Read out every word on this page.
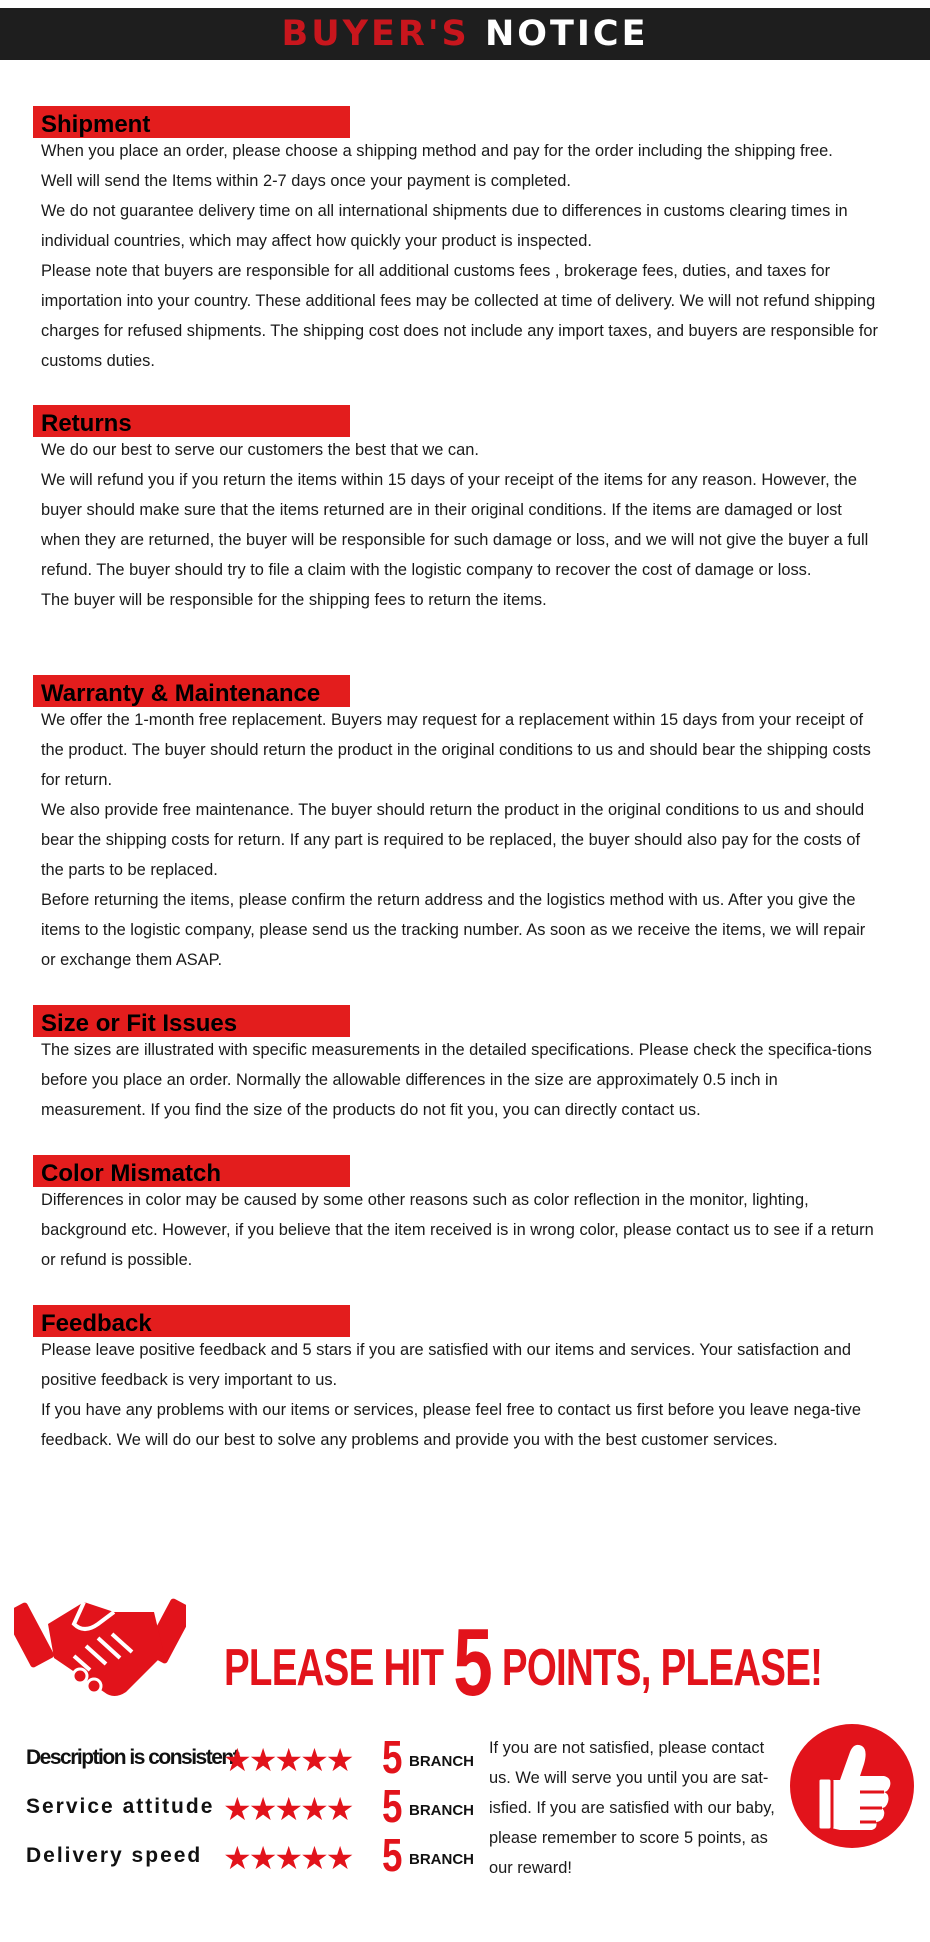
BUYER'S NOTICE
Shipment

When you place an order, please choose a shipping method and pay for the order including the shipping free.

Well will send the Items within 2-7 days once your payment is completed.

We do not guarantee delivery time on all international shipments due to differences in customs clearing times in individual countries, which may affect how quickly your product is inspected.

Please note that buyers are responsible for all additional customs fees , brokerage fees, duties, and taxes for importation into your country. These additional fees may be collected at time of delivery. We will not refund shipping charges for refused shipments. The shipping cost does not include any import taxes, and buyers are responsible for customs duties.

Returns

We do our best to serve our customers the best that we can.

We will refund you if you return the items within 15 days of your receipt of the items for any reason. However, the buyer should make sure that the items returned are in their original conditions. If the items are damaged or lost when they are returned, the buyer will be responsible for such damage or loss, and we will not give the buyer a full refund. The buyer should try to file a claim with the logistic company to recover the cost of damage or loss.

The buyer will be responsible for the shipping fees to return the items.

Warranty & Maintenance

We offer the 1-month free replacement. Buyers may request for a replacement within 15 days from your receipt of the product. The buyer should return the product in the original conditions to us and should bear the shipping costs for return.

We also provide free maintenance. The buyer should return the product in the original conditions to us and should bear the shipping costs for return. If any part is required to be replaced, the buyer should also pay for the costs of the parts to be replaced.

Before returning the items, please confirm the return address and the logistics method with us. After you give the items to the logistic company, please send us the tracking number. As soon as we receive the items, we will repair or exchange them ASAP.

Size or Fit Issues

The sizes are illustrated with specific measurements in the detailed specifications. Please check the specifica-tions before you place an order. Normally the allowable differences in the size are approximately 0.5 inch in measurement. If you find the size of the products do not fit you, you can directly contact us.

Color Mismatch

Differences in color may be caused by some other reasons such as color reflection in the monitor, lighting, background etc. However, if you believe that the item received is in wrong color, please contact us to see if a return or refund is possible.

Feedback

Please leave positive feedback and 5 stars if you are satisfied with our items and services. Your satisfaction and positive feedback is very important to us.

If you have any problems with our items or services, please feel free to contact us first before you leave nega-tive feedback. We will do our best to solve any problems and provide you with the best customer services.

PLEASE HIT 5 POINTS, PLEASE!
Description is consistent
★★★★★ 5 BRANCH
Service attitude ★★★★★ 5 BRANCH
Delivery speed ★★★★★ 5 BRANCH
If you are not satisfied, please contact us. We will serve you until you are sat-isfied. If you are satisfied with our baby, please remember to score 5 points, as our reward!
